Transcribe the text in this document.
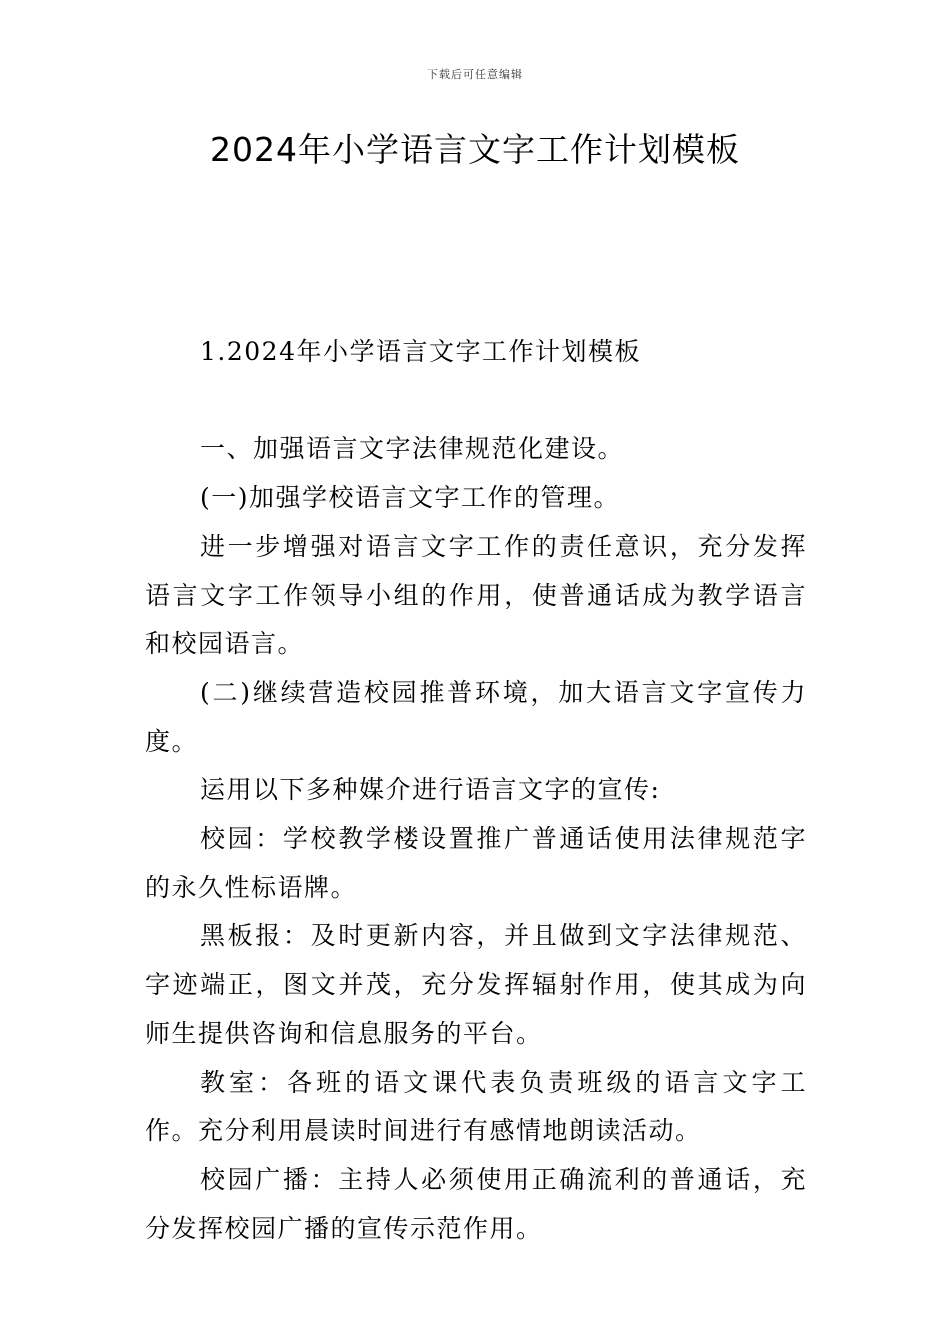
下载后可任意编辑
2024年小学语言文字工作计划模板

1.2024年小学语言文字工作计划模板

一、加强语言文字法律规范化建设。

(一)加强学校语言文字工作的管理。

进一步增强对语言文字工作的责任意识，充分发挥语言文字工作领导小组的作用，使普通话成为教学语言和校园语言。

(二)继续营造校园推普环境，加大语言文字宣传力度。

运用以下多种媒介进行语言文字的宣传:

校园：学校教学楼设置推广普通话使用法律规范字的永久性标语牌。

黑板报：及时更新内容，并且做到文字法律规范、字迹端正，图文并茂，充分发挥辐射作用，使其成为向师生提供咨询和信息服务的平台。

教室：各班的语文课代表负责班级的语言文字工作。充分利用晨读时间进行有感情地朗读活动。

校园广播：主持人必须使用正确流利的普通话，充分发挥校园广播的宣传示范作用。
